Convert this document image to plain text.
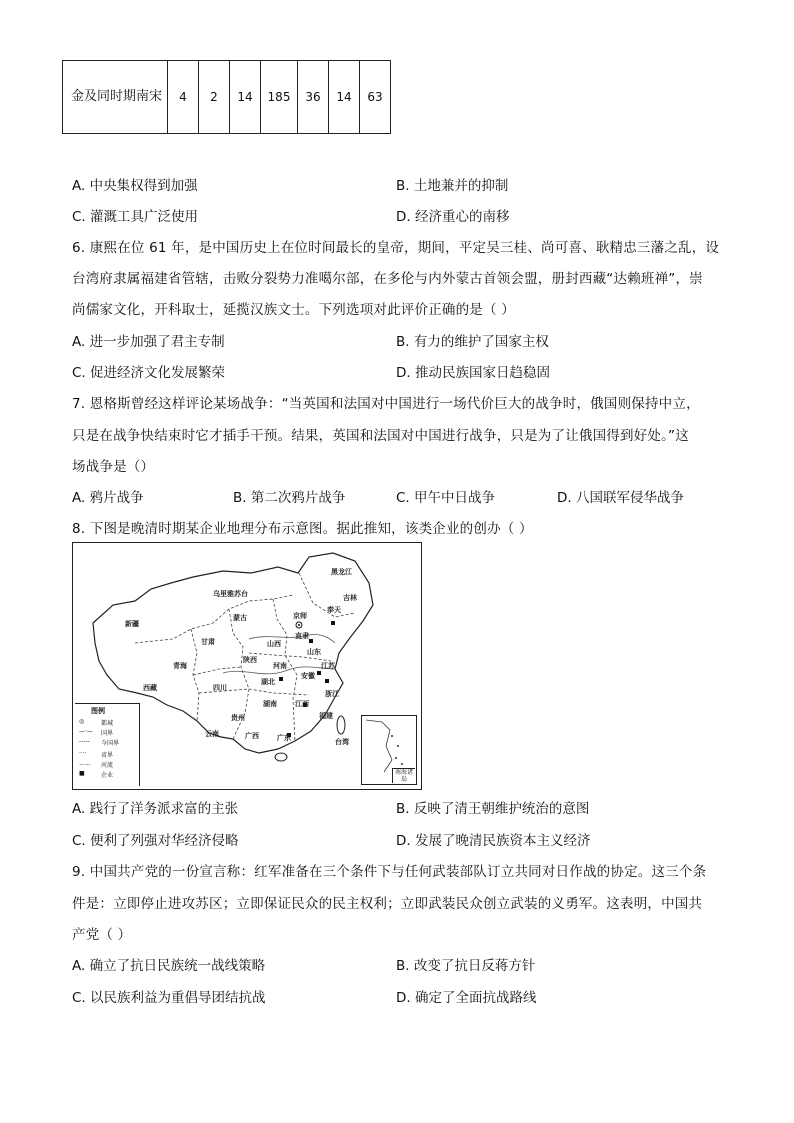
金及同时期南宋	4	2	14	185	36	14	63
A. 中央集权得到加强	B. 土地兼并的抑制
C. 灌溉工具广泛使用	D. 经济重心的南移
6. 康熙在位 61 年，是中国历史上在位时间最长的皇帝，期间，平定吴三桂、尚可喜、耿精忠三藩之乱，设
台湾府隶属福建省管辖，击败分裂势力准噶尔部，在多伦与内外蒙古首领会盟，册封西藏“达赖班禅”，崇
尚儒家文化，开科取士，延揽汉族文士。下列选项对此评价正确的是（ ）
A. 进一步加强了君主专制	B. 有力的维护了国家主权
C. 促进经济文化发展繁荣	D. 推动民族国家日趋稳固
7. 恩格斯曾经这样评论某场战争：“当英国和法国对中国进行一场代价巨大的战争时，俄国则保持中立，
只是在战争快结束时它才插手干预。结果，英国和法国对中国进行战争，只是为了让俄国得到好处。”这
场战争是（）
A. 鸦片战争	B. 第二次鸦片战争	C. 甲午中日战争	D. 八国联军侵华战争
8. 下图是晚清时期某企业地理分布示意图。据此推知，该类企业的创办（ ）
乌里雅苏台
黑龙江
吉林
新疆
蒙古
甘肃
青海
西藏	四川
奉天
京师
直隶
山西
陕西
河南
山东
江苏
安徽
湖北
湖南	江西
浙江
福建
贵州
云南	广西	广东	台湾
图例
◎	都城
—·— 国界
----- 今国界
···· 省界
～～ 河流
■	企业	南海诸岛
A. 践行了洋务派求富的主张	B. 反映了清王朝维护统治的意图
C. 便利了列强对华经济侵略	D. 发展了晚清民族资本主义经济
9. 中国共产党的一份宣言称：红军准备在三个条件下与任何武装部队订立共同对日作战的协定。这三个条
件是：立即停止进攻苏区；立即保证民众的民主权利；立即武装民众创立武装的义勇军。这表明，中国共
产党（ ）
A. 确立了抗日民族统一战线策略	B. 改变了抗日反蒋方针
C. 以民族利益为重倡导团结抗战	D. 确定了全面抗战路线
